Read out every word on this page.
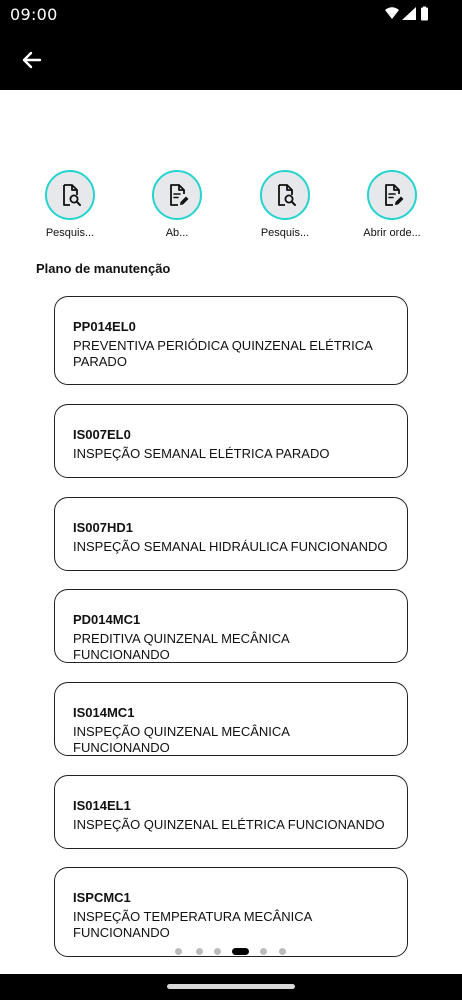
09:00
Pesquis...	Ab...	Pesquis...	Abrir orde...
Plano de manutenção
PP014EL0
PREVENTIVA PERIÓDICA QUINZENAL ELÉTRICA PARADO
IS007EL0
INSPEÇÃO SEMANAL ELÉTRICA PARADO
IS007HD1
INSPEÇÃO SEMANAL HIDRÁULICA FUNCIONANDO
PD014MC1
PREDITIVA QUINZENAL MECÂNICA FUNCIONANDO
IS014MC1
INSPEÇÃO QUINZENAL MECÂNICA FUNCIONANDO
IS014EL1
INSPEÇÃO QUINZENAL ELÉTRICA FUNCIONANDO
ISPCMC1
INSPEÇÃO TEMPERATURA MECÂNICA FUNCIONANDO
